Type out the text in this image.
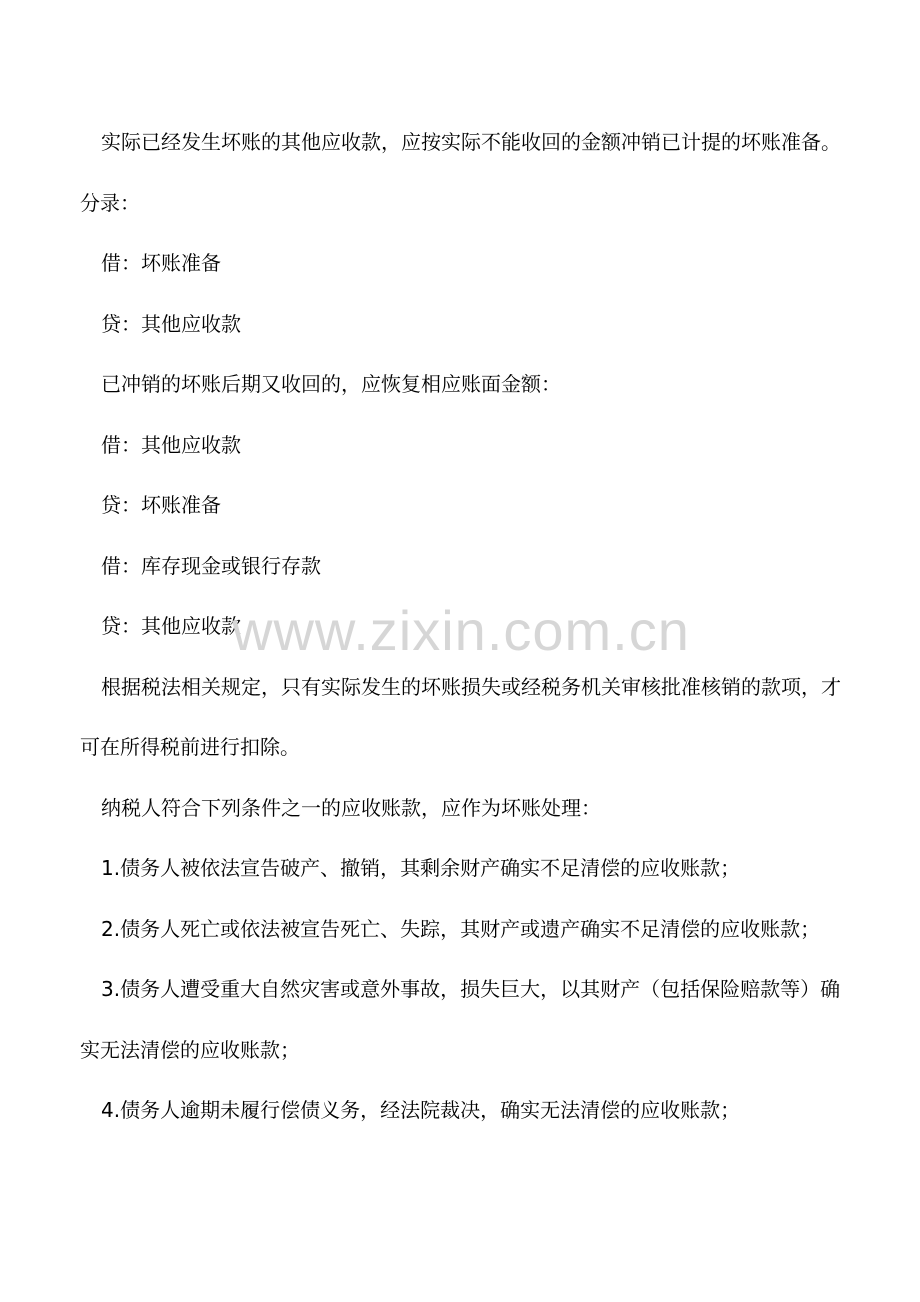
实际已经发生坏账的其他应收款，应按实际不能收回的金额冲销已计提的坏账准备。分录：

借：坏账准备

贷：其他应收款

已冲销的坏账后期又收回的，应恢复相应账面金额：

借：其他应收款

贷：坏账准备

借：库存现金或银行存款

贷：其他应收款

根据税法相关规定，只有实际发生的坏账损失或经税务机关审核批准核销的款项，才可在所得税前进行扣除。

纳税人符合下列条件之一的应收账款，应作为坏账处理：

1.债务人被依法宣告破产、撤销，其剩余财产确实不足清偿的应收账款；

2.债务人死亡或依法被宣告死亡、失踪，其财产或遗产确实不足清偿的应收账款；

3.债务人遭受重大自然灾害或意外事故，损失巨大，以其财产（包括保险赔款等）确实无法清偿的应收账款；

4.债务人逾期未履行偿债义务，经法院裁决，确实无法清偿的应收账款；

www.zixin.com.cn
